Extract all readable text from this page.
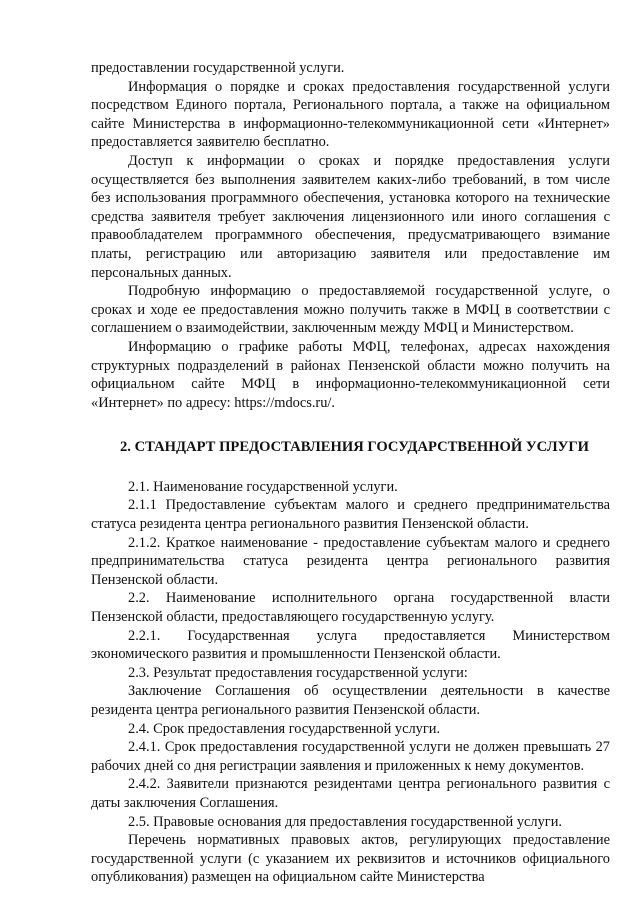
предоставлении государственной услуги.

Информация о порядке и сроках предоставления государственной услуги посредством Единого портала, Регионального портала, а также на официальном сайте Министерства в информационно-телекоммуникационной сети «Интернет» предоставляется заявителю бесплатно.

Доступ к информации о сроках и порядке предоставления услуги осуществляется без выполнения заявителем каких-либо требований, в том числе без использования программного обеспечения, установка которого на технические средства заявителя требует заключения лицензионного или иного соглашения с правообладателем программного обеспечения, предусматривающего взимание платы, регистрацию или авторизацию заявителя или предоставление им персональных данных.

Подробную информацию о предоставляемой государственной услуге, о сроках и ходе ее предоставления можно получить также в МФЦ в соответствии с соглашением о взаимодействии, заключенным между МФЦ и Министерством.

Информацию о графике работы МФЦ, телефонах, адресах нахождения структурных подразделений в районах Пензенской области можно получить на официальном сайте МФЦ в информационно-телекоммуникационной сети «Интернет» по адресу: https://mdocs.ru/.

2. СТАНДАРТ ПРЕДОСТАВЛЕНИЯ ГОСУДАРСТВЕННОЙ УСЛУГИ

2.1. Наименование государственной услуги.

2.1.1 Предоставление субъектам малого и среднего предпринимательства статуса резидента центра регионального развития Пензенской области.

2.1.2. Краткое наименование - предоставление субъектам малого и среднего предпринимательства статуса резидента центра регионального развития Пензенской области.

2.2. Наименование исполнительного органа государственной власти Пензенской области, предоставляющего государственную услугу.

2.2.1. Государственная услуга предоставляется Министерством экономического развития и промышленности Пензенской области.

2.3. Результат предоставления государственной услуги:

Заключение Соглашения об осуществлении деятельности в качестве резидента центра регионального развития Пензенской области.

2.4. Срок предоставления государственной услуги.

2.4.1. Срок предоставления государственной услуги не должен превышать 27 рабочих дней со дня регистрации заявления и приложенных к нему документов.

2.4.2. Заявители признаются резидентами центра регионального развития с даты заключения Соглашения.

2.5. Правовые основания для предоставления государственной услуги.

Перечень нормативных правовых актов, регулирующих предоставление государственной услуги (с указанием их реквизитов и источников официального опубликования) размещен на официальном сайте Министерства
